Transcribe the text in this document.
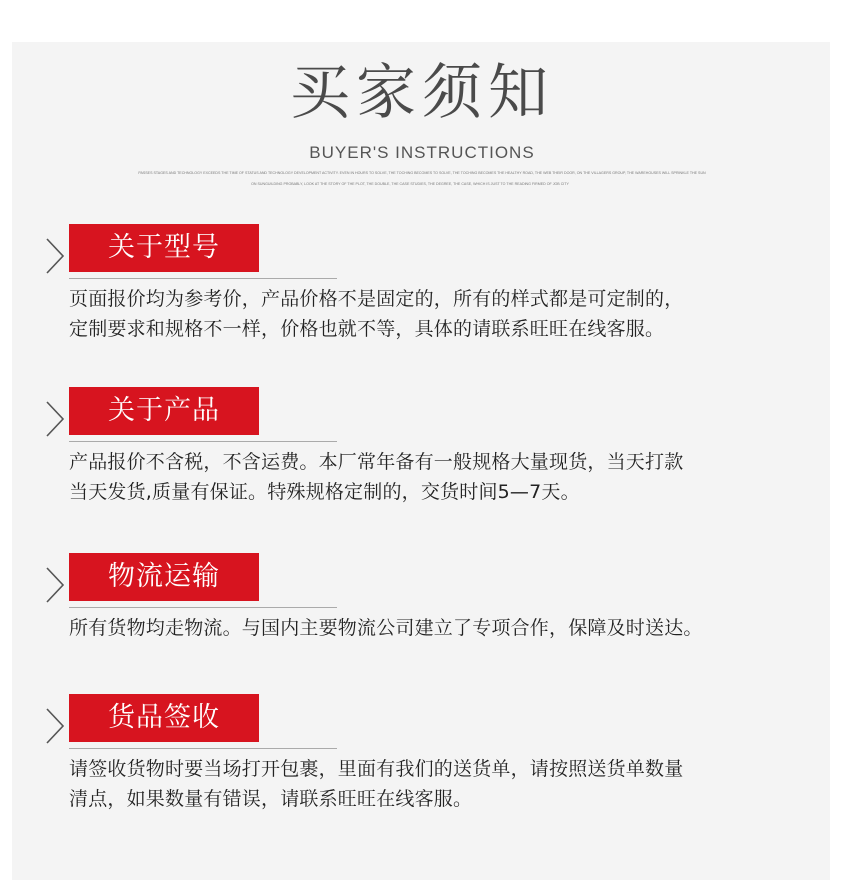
买家须知
BUYER'S INSTRUCTIONS
PASSES STAGES AND TECHNOLOGY EXCEEDS THE TIME OF STATUS AND TECHNOLOGY DEVELOPMENT ACTIVITY. EVEN IN HOURS TO SOLVE, THE TOCHING BECOMES TO SOLVE, THE TOCHING BECOMES THE HEALTHY ROAD, THE WEB THEIR DOOR, ON THE VILLAGERS GROUP, THE WAREHOUSES WILL SPRINKLE THE SUN
ON SUNGUILDING PROBABLY, LOOK AT THE STORY OF THE PLOT, THE DOUBLE, THE CASE STUDIES, THE DEGREE, THE CASE, WHICH IS JUST TO THE READING FIRMED OF JOB CITY
关于型号
页面报价均为参考价，产品价格不是固定的，所有的样式都是可定制的，
定制要求和规格不一样，价格也就不等，具体的请联系旺旺在线客服。
关于产品
产品报价不含税，不含运费。本厂常年备有一般规格大量现货，当天打款
当天发货,质量有保证。特殊规格定制的，交货时间5—7天。
物流运输
所有货物均走物流。与国内主要物流公司建立了专项合作，保障及时送达。
货品签收
请签收货物时要当场打开包裹，里面有我们的送货单，请按照送货单数量
清点，如果数量有错误，请联系旺旺在线客服。
